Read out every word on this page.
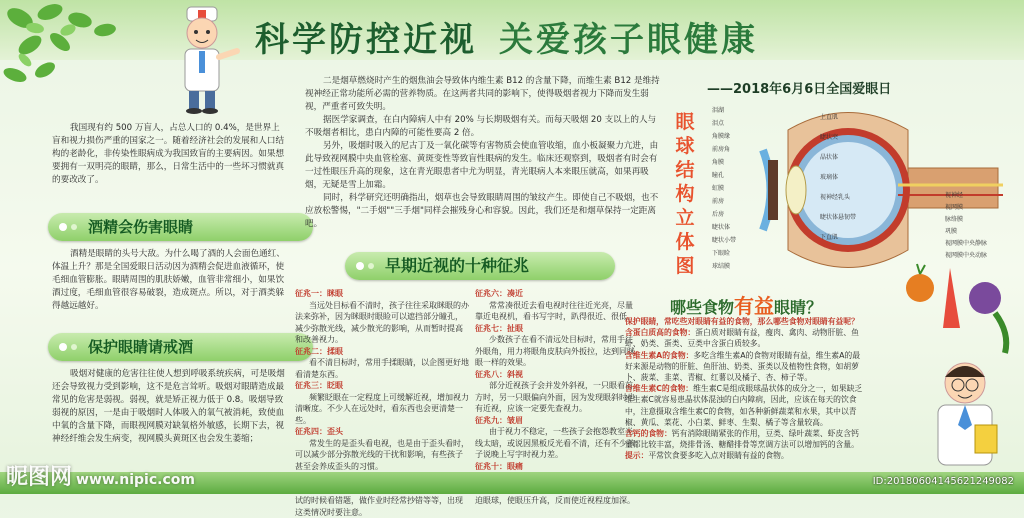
科学防控近视 关爱孩子眼健康
——2018年6月6日全国爱眼日

我国现有约 500 万盲人，占总人口的 0.4%，是世界上盲和视力损伤严重的国家之一。随着经济社会的发展和人口结构的老龄化，非传染性眼病成为我国致盲的主要病因。如果想要拥有一双明亮的眼睛，那么，日常生活中的一些坏习惯就真的要改改了。

酒精会伤害眼睛

酒精是眼睛的头号大敌。为什么喝了酒的人会面色通红、体温上升？那是全国爱眼日活动因为酒精会促进血液循环，使毛细血管膨胀。眼睛周围的肌肤娇嫩，血管非常细小，如果饮酒过度，毛细血管很容易破裂，造成斑点。所以，对于酒类躲得越远越好。

保护眼睛请戒酒

吸烟对健康的危害往往使人想到呼吸系统疾病，可是吸烟还会导致视力受到影响，这不是危言耸听。吸烟对眼睛造成最常见的危害是弱视。弱视，就是矫正视力低于 0.8。吸烟导致弱视的原因，一是由于吸烟时人体吸入的氧气被消耗，致使血中氧的含量下降，而眼视网膜对缺氧格外敏感，长期下去，视神经纤维会发生病变，视网膜头黄斑区也会发生萎缩；

二是烟草燃烧时产生的烟焦油会导致体内维生素 B12 的含量下降，而维生素 B12 是维持视神经正常功能所必需的营养物质。在这两者共同的影响下，使得吸烟者视力下降而发生弱视，严重者可致失明。

据医学家调查，在白内障病人中有 20% 与长期吸烟有关。而每天吸烟 20 支以上的人与不吸烟者相比，患白内障的可能性要高 2 倍。

另外，吸烟时吸入的尼古丁及一氧化碳等有害物质会使血管收缩，血小板凝聚力亢进，由此导致视网膜中央血管栓塞、黄斑变性等致盲性眼病的发生。临床还观察到，吸烟者有时会有一过性眼压升高的现象，这在青光眼患者中尤为明显，青光眼病人本来眼压就高，如果再吸烟，无疑是雪上加霜。

同时，科学研究还明确指出，烟草也会导致眼睛周围的皱纹产生。即使自己不吸烟，也不应放松警惕，"二手烟""三手烟"同样会摧残身心和容貌。因此，我们还是和烟草保持一定距离吧。

早期近视的十种征兆
征兆一：眯眼
当远处目标看不清时，孩子往往采取眯眼的办法来弥补，因为眯眼时眼睑可以遮挡部分瞳孔，减少弥散光线，减少散光的影响，从而暂时提高和改善视力。
征兆二：揉眼
看不清目标时，常用手揉眼睛，以企图更好地看清楚东西。
征兆三：眨眼
频繁眨眼在一定程度上可缓解近视，增加视力清晰度。不少人在远处时，看东西也会更清楚一些。
征兆四：歪头
常发生的是歪头看电视，也是由于歪头看时，可以减少部分弥散光线的干扰和影响，有些孩子甚至会养成歪头的习惯。
试的时候看错题，做作业时经常抄错等等，出现这类情况时要注意。
征兆六：凑近
常常凑很近去看电视时往往近光亮，尽量靠近电视机，看书写字时，趴得很近、很低。
征兆七：扯眼
少数孩子在看不清远处目标时，常用手往外眼角，用力将眼角皮肤向外扳拉，达到同眯眼一样的效果。
征兆八：斜视
部分近视孩子会并发外斜视，一只眼看前方时，另一只眼偏向外面，因为发现眼斜时也有近视，应该一定要先查视力。
征兆九：皱眉
由于视力不稳定，一些孩子会抱怨教室光线太暗，或说因黑板反光看不清，还有不少孩子说晚上写字时视力差。
征兆十：眼痛
迫眼球，使眼压升高，反而使近视程度加深。
眼球结构立体图
泪湖
泪点
角膜缘
前房角
角膜
瞳孔
虹膜
前房
后房
睫状体
睫状小带
下眼睑
球结膜
上直肌
睫状突
晶状体
玻璃体
视神经乳头
睫状体悬韧带
下直肌
视神经
视网膜
脉络膜
巩膜
视网膜中央静脉
视网膜中央动脉
哪些食物有益眼睛？
保护眼睛，常吃些对眼睛有益的食物，那么哪些食物对眼睛有益呢？
含蛋白质高的食物：蛋白质对眼睛有益，瘦肉、禽肉、动物肝脏、鱼虾、奶类、蛋类、豆类中含蛋白质较多。
含维生素A的食物：多吃含维生素A的食物对眼睛有益，维生素A的最好来源是动物的肝脏、鱼肝油、奶类、蛋类以及植物性食物，如胡萝卜、菠菜、韭菜、青椒、红薯以及橘子、杏、柿子等。
含维生素C的食物：维生素C是组成眼球晶状体的成分之一，如果缺乏维生素C就容易患晶状体混浊的白内障病，因此，应该在每天的饮食中，注意摄取含维生素C的食物，如各种新鲜蔬菜和水果，其中以青椒、黄瓜、菜花、小白菜、鲜枣、生梨、橘子等含量较高。
含钙的食物：钙有消除眼睛紧张的作用，豆类、绿叶蔬菜、虾皮含钙量都比较丰富，烧排骨汤、糖醋排骨等烹调方法可以增加钙的含量。
提示：平常饮食要多吃入点对眼睛有益的食物。
昵图网 www.nipic.com	ID:20180604145621249082
